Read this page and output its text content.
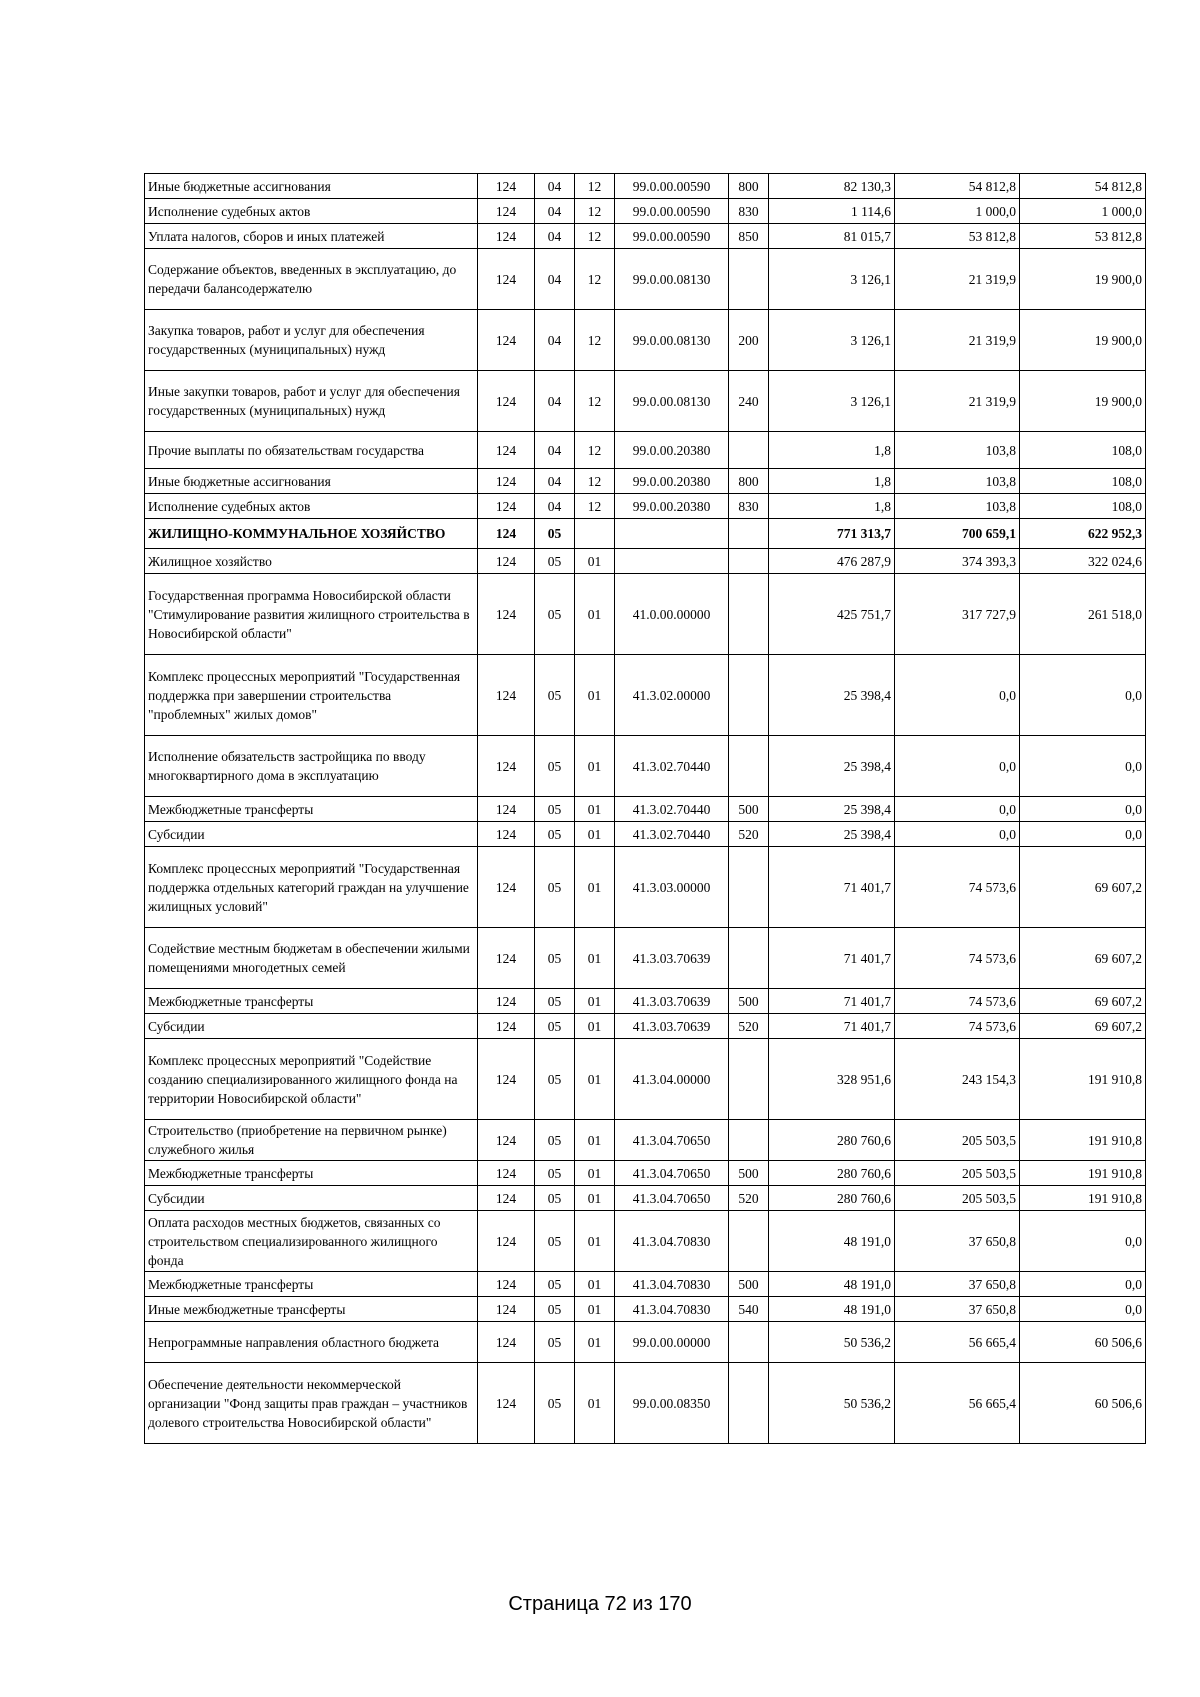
Иные бюджетные ассигнования	124	04	12	99.0.00.00590	800	82 130,3	54 812,8	54 812,8
Исполнение судебных актов	124	04	12	99.0.00.00590	830	1 114,6	1 000,0	1 000,0
Уплата налогов, сборов и иных платежей	124	04	12	99.0.00.00590	850	81 015,7	53 812,8	53 812,8
Содержание объектов, введенных в эксплуатацию, до передачи балансодержателю	124	04	12	99.0.00.08130		3 126,1	21 319,9	19 900,0
Закупка товаров, работ и услуг для обеспечения государственных (муниципальных) нужд	124	04	12	99.0.00.08130	200	3 126,1	21 319,9	19 900,0
Иные закупки товаров, работ и услуг для обеспечения государственных (муниципальных) нужд	124	04	12	99.0.00.08130	240	3 126,1	21 319,9	19 900,0
Прочие выплаты по обязательствам государства	124	04	12	99.0.00.20380		1,8	103,8	108,0
Иные бюджетные ассигнования	124	04	12	99.0.00.20380	800	1,8	103,8	108,0
Исполнение судебных актов	124	04	12	99.0.00.20380	830	1,8	103,8	108,0
ЖИЛИЩНО-КОММУНАЛЬНОЕ ХОЗЯЙСТВО	124	05				771 313,7	700 659,1	622 952,3
Жилищное хозяйство	124	05	01			476 287,9	374 393,3	322 024,6
Государственная программа Новосибирской области "Стимулирование развития жилищного строительства в Новосибирской области"	124	05	01	41.0.00.00000		425 751,7	317 727,9	261 518,0
Комплекс процессных мероприятий "Государственная поддержка при завершении строительства "проблемных" жилых домов"	124	05	01	41.3.02.00000		25 398,4	0,0	0,0
Исполнение обязательств застройщика по вводу многоквартирного дома в эксплуатацию	124	05	01	41.3.02.70440		25 398,4	0,0	0,0
Межбюджетные трансферты	124	05	01	41.3.02.70440	500	25 398,4	0,0	0,0
Субсидии	124	05	01	41.3.02.70440	520	25 398,4	0,0	0,0
Комплекс процессных мероприятий "Государственная поддержка отдельных категорий граждан на улучшение жилищных условий"	124	05	01	41.3.03.00000		71 401,7	74 573,6	69 607,2
Содействие местным бюджетам в обеспечении жилыми помещениями многодетных семей	124	05	01	41.3.03.70639		71 401,7	74 573,6	69 607,2
Межбюджетные трансферты	124	05	01	41.3.03.70639	500	71 401,7	74 573,6	69 607,2
Субсидии	124	05	01	41.3.03.70639	520	71 401,7	74 573,6	69 607,2
Комплекс процессных мероприятий "Содействие созданию специализированного жилищного фонда на территории Новосибирской области"	124	05	01	41.3.04.00000		328 951,6	243 154,3	191 910,8
Строительство (приобретение на первичном рынке) служебного жилья	124	05	01	41.3.04.70650		280 760,6	205 503,5	191 910,8
Межбюджетные трансферты	124	05	01	41.3.04.70650	500	280 760,6	205 503,5	191 910,8
Субсидии	124	05	01	41.3.04.70650	520	280 760,6	205 503,5	191 910,8
Оплата расходов местных бюджетов, связанных со строительством специализированного жилищного фонда	124	05	01	41.3.04.70830		48 191,0	37 650,8	0,0
Межбюджетные трансферты	124	05	01	41.3.04.70830	500	48 191,0	37 650,8	0,0
Иные межбюджетные трансферты	124	05	01	41.3.04.70830	540	48 191,0	37 650,8	0,0
Непрограммные направления областного бюджета	124	05	01	99.0.00.00000		50 536,2	56 665,4	60 506,6
Обеспечение деятельности некоммерческой организации "Фонд защиты прав граждан – участников долевого строительства Новосибирской области"	124	05	01	99.0.00.08350		50 536,2	56 665,4	60 506,6
Страница 72 из 170
